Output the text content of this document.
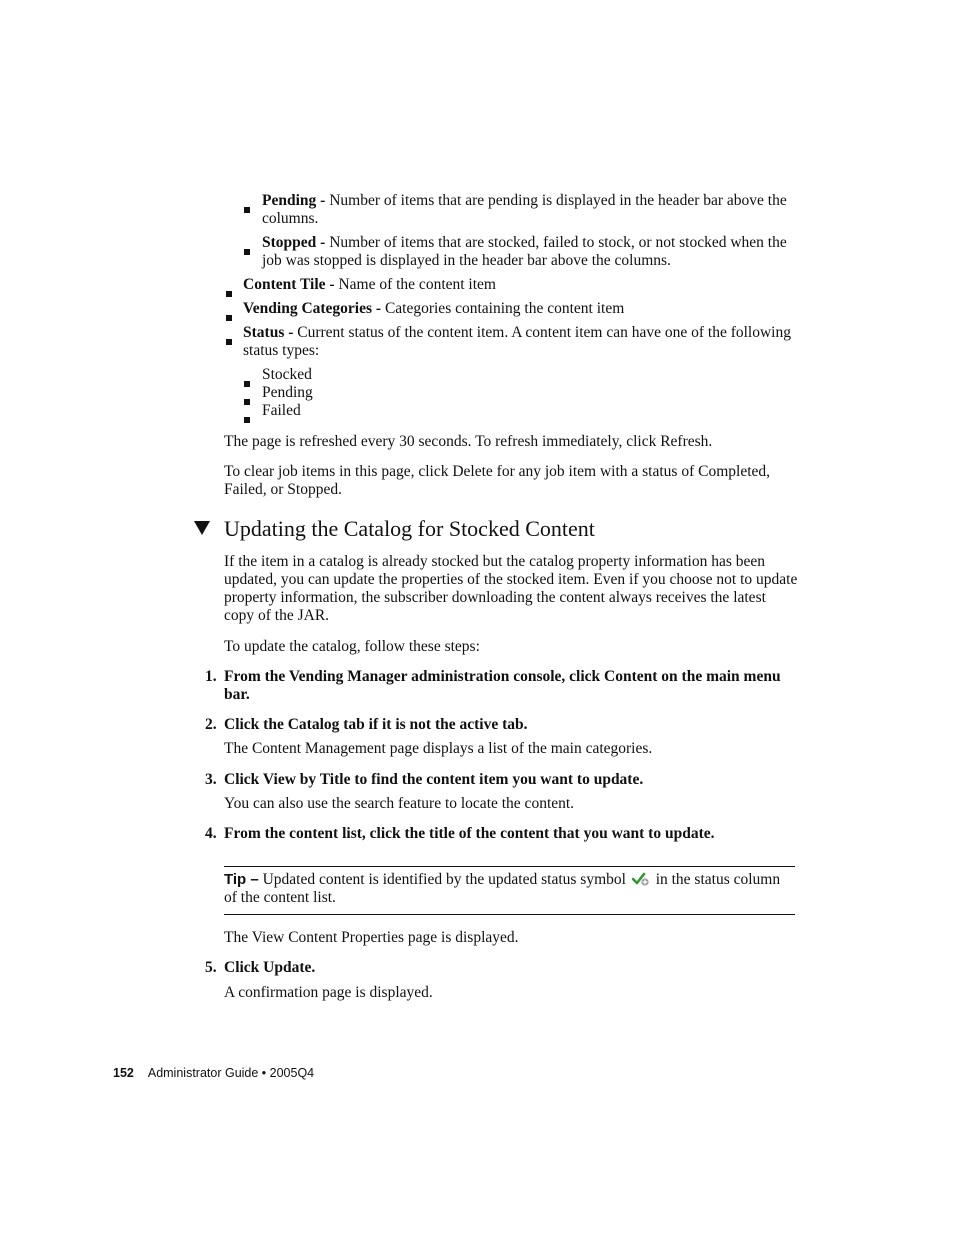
Pending - Number of items that are pending is displayed in the header bar above the columns.
Stopped - Number of items that are stocked, failed to stock, or not stocked when the job was stopped is displayed in the header bar above the columns.
Content Tile - Name of the content item
Vending Categories - Categories containing the content item
Status - Current status of the content item. A content item can have one of the following status types:
Stocked
Pending
Failed
The page is refreshed every 30 seconds. To refresh immediately, click Refresh.
To clear job items in this page, click Delete for any job item with a status of Completed, Failed, or Stopped.
Updating the Catalog for Stocked Content
If the item in a catalog is already stocked but the catalog property information has been updated, you can update the properties of the stocked item. Even if you choose not to update property information, the subscriber downloading the content always receives the latest copy of the JAR.
To update the catalog, follow these steps:
1. From the Vending Manager administration console, click Content on the main menu bar.
2. Click the Catalog tab if it is not the active tab.
The Content Management page displays a list of the main categories.
3. Click View by Title to find the content item you want to update.
You can also use the search feature to locate the content.
4. From the content list, click the title of the content that you want to update.
Tip – Updated content is identified by the updated status symbol in the status column of the content list.
The View Content Properties page is displayed.
5. Click Update.
A confirmation page is displayed.
152 Administrator Guide • 2005Q4
